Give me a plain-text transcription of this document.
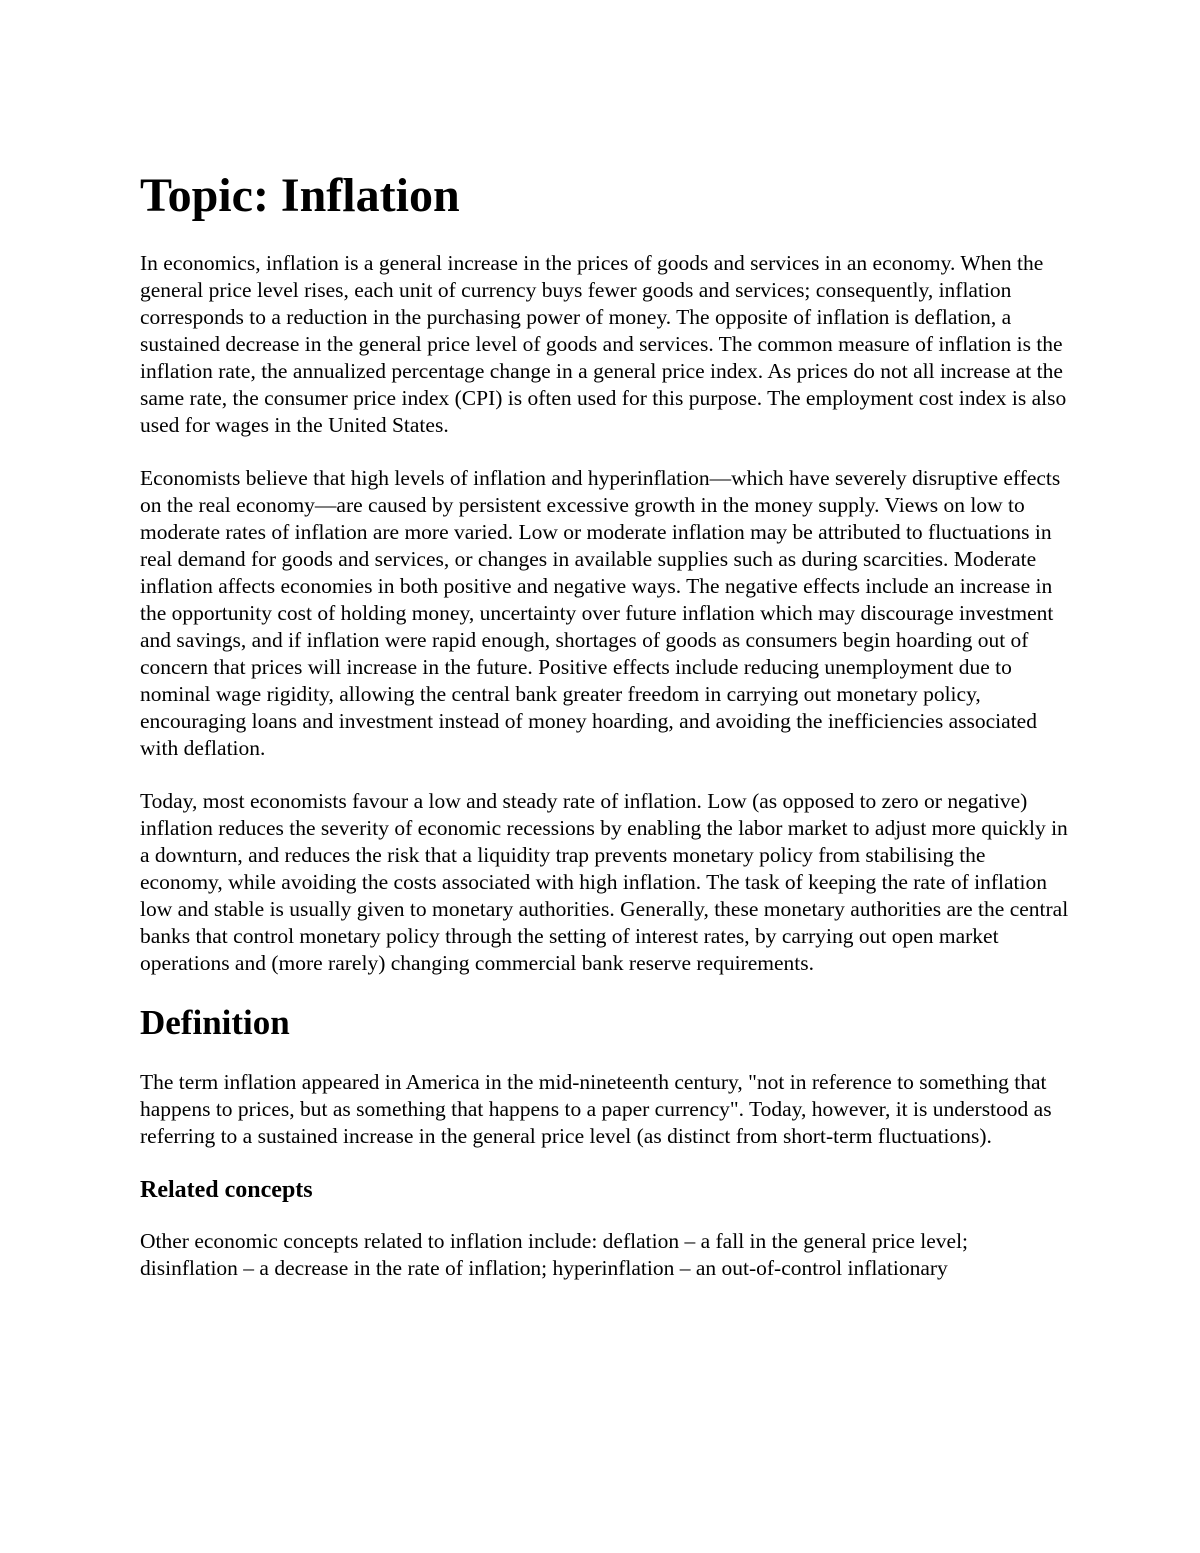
Topic: Inflation

In economics, inflation is a general increase in the prices of goods and services in an economy. When the general price level rises, each unit of currency buys fewer goods and services; consequently, inflation corresponds to a reduction in the purchasing power of money. The opposite of inflation is deflation, a sustained decrease in the general price level of goods and services. The common measure of inflation is the inflation rate, the annualized percentage change in a general price index. As prices do not all increase at the same rate, the consumer price index (CPI) is often used for this purpose. The employment cost index is also used for wages in the United States.

Economists believe that high levels of inflation and hyperinflation—which have severely disruptive effects on the real economy—are caused by persistent excessive growth in the money supply. Views on low to moderate rates of inflation are more varied. Low or moderate inflation may be attributed to fluctuations in real demand for goods and services, or changes in available supplies such as during scarcities. Moderate inflation affects economies in both positive and negative ways. The negative effects include an increase in the opportunity cost of holding money, uncertainty over future inflation which may discourage investment and savings, and if inflation were rapid enough, shortages of goods as consumers begin hoarding out of concern that prices will increase in the future. Positive effects include reducing unemployment due to nominal wage rigidity, allowing the central bank greater freedom in carrying out monetary policy, encouraging loans and investment instead of money hoarding, and avoiding the inefficiencies associated with deflation.

Today, most economists favour a low and steady rate of inflation. Low (as opposed to zero or negative) inflation reduces the severity of economic recessions by enabling the labor market to adjust more quickly in a downturn, and reduces the risk that a liquidity trap prevents monetary policy from stabilising the economy, while avoiding the costs associated with high inflation. The task of keeping the rate of inflation low and stable is usually given to monetary authorities. Generally, these monetary authorities are the central banks that control monetary policy through the setting of interest rates, by carrying out open market operations and (more rarely) changing commercial bank reserve requirements.

Definition

The term inflation appeared in America in the mid-nineteenth century, "not in reference to something that happens to prices, but as something that happens to a paper currency". Today, however, it is understood as referring to a sustained increase in the general price level (as distinct from short-term fluctuations).

Related concepts

Other economic concepts related to inflation include: deflation – a fall in the general price level; disinflation – a decrease in the rate of inflation; hyperinflation – an out-of-control inflationary
